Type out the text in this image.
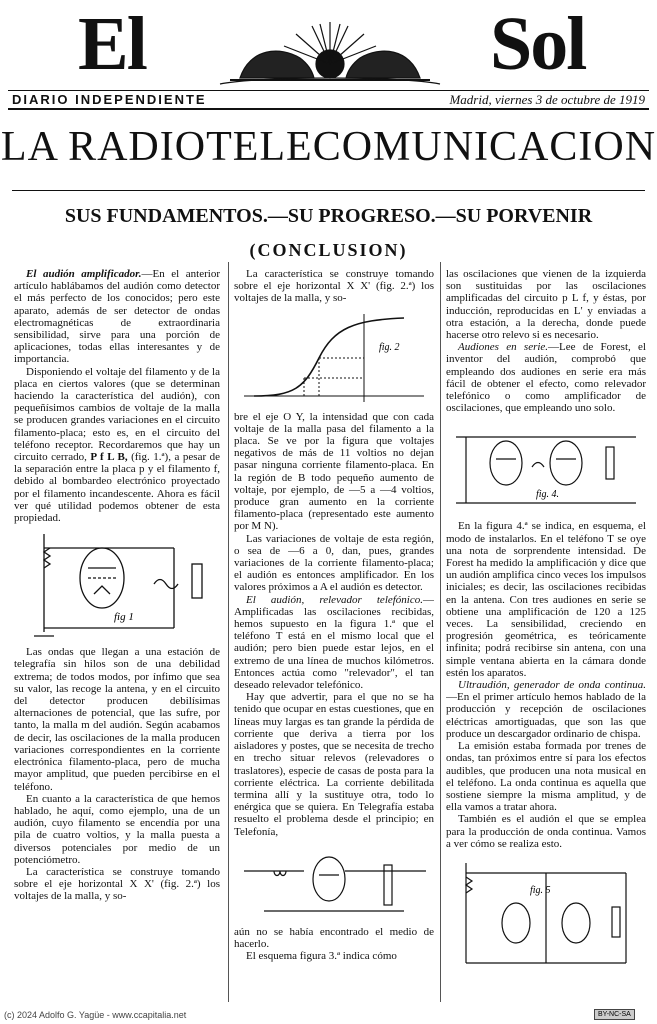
El	Sol
DIARIO INDEPENDIENTE	Madrid, viernes 3 de octubre de 1919
LA RADIOTELECOMUNICACION
SUS FUNDAMENTOS.—SU PROGRESO.—SU PORVENIR
(CONCLUSION)

El audión amplificador.—En el anterior artículo hablábamos del audión como detector el más perfecto de los conocidos; pero este aparato, además de ser detector de ondas electromagnéticas de extraordinaria sensibilidad, sirve para una porción de aplicaciones, todas ellas interesantes y de importancia.

Disponiendo el voltaje del filamento y de la placa en ciertos valores (que se determinan haciendo la característica del audión), con pequeñísimos cambios de voltaje de la malla se producen grandes variaciones en el circuito filamento-placa; esto es, en el circuito del teléfono receptor. Recordaremos que hay un circuito cerrado, P f L B, (fig. 1.ª), a pesar de la separación entre la placa p y el filamento f, debido al bombardeo electrónico proyectado por el filamento incandescente. Ahora es fácil ver qué utilidad podemos obtener de esta propiedad.

fig 1

Las ondas que llegan a una estación de telegrafía sin hilos son de una debilidad extrema; de todos modos, por ínfimo que sea su valor, las recoge la antena, y en el circuito del detector producen debilísimas alternaciones de potencial, que las sufre, por tanto, la malla m del audión. Según acabamos de decir, las oscilaciones de la malla producen variaciones correspondientes en la corriente electrónica filamento-placa, pero de mucha mayor amplitud, que pueden percibirse en el teléfono.

En cuanto a la característica de que hemos hablado, he aquí, como ejemplo, una de un audión, cuyo filamento se encendía por una pila de cuatro voltios, y la malla puesta a diversos potenciales por medio de un potenciómetro.

La característica se construye tomando sobre el eje horizontal X X' (fig. 2.ª) los voltajes de la malla, y so-

La característica se construye tomando sobre el eje horizontal X X' (fig. 2.ª) los voltajes de la malla, y so-

fig. 2

bre el eje O Y, la intensidad que con cada voltaje de la malla pasa del filamento a la placa. Se ve por la figura que voltajes negativos de más de 11 voltios no dejan pasar ninguna corriente filamento-placa. En la región de B todo pequeño aumento de voltaje, por ejemplo, de —5 a —4 voltios, produce gran aumento en la corriente filamento-placa (representado este aumento por M N).

Las variaciones de voltaje de esta región, o sea de —6 a 0, dan, pues, grandes variaciones de la corriente filamento-placa; el audión es entonces amplificador. En los valores próximos a A el audión es detector.

El audión, relevador telefónico.—Amplificadas las oscilaciones recibidas, hemos supuesto en la figura 1.ª que el teléfono T está en el mismo local que el audión; pero bien puede estar lejos, en el extremo de una línea de muchos kilómetros. Entonces actúa como "relevador", el tan deseado relevador telefónico.

Hay que advertir, para el que no se ha tenido que ocupar en estas cuestiones, que en líneas muy largas es tan grande la pérdida de corriente que deriva a tierra por los aisladores y postes, que se necesita de trecho en trecho situar relevos (relevadores o traslatores), especie de casas de posta para la corriente eléctrica. La corriente debilitada termina allí y la sustituye otra, todo lo enérgica que se quiera. En Telegrafía estaba resuelto el problema desde el principio; en Telefonía,

aún no se había encontrado el medio de hacerlo.

El esquema figura 3.ª indica cómo

las oscilaciones que vienen de la izquierda son sustituidas por las oscilaciones amplificadas del circuito p L f, y éstas, por inducción, reproducidas en L' y enviadas a otra estación, a la derecha, donde puede hacerse otro relevo si es necesario.

Audiones en serie.—Lee de Forest, el inventor del audión, comprobó que empleando dos audiones en serie era más fácil de obtener el efecto, como relevador telefónico o como amplificador de oscilaciones, que empleando uno solo.

fig. 4.

En la figura 4.ª se indica, en esquema, el modo de instalarlos. En el teléfono T se oye una nota de sorprendente intensidad. De Forest ha medido la amplificación y dice que un audión amplifica cinco veces los impulsos iniciales; es decir, las oscilaciones recibidas en la antena. Con tres audiones en serie se obtiene una amplificación de 120 a 125 veces. La sensibilidad, creciendo en progresión geométrica, es teóricamente infinita; podrá recibirse sin antena, con una simple ventana abierta en la cámara donde estén los aparatos.

Ultraudión, generador de onda continua.—En el primer artículo hemos hablado de la producción y recepción de oscilaciones eléctricas amortiguadas, que son las que produce un descargador ordinario de chispa.

La emisión estaba formada por trenes de ondas, tan próximos entre sí para los efectos audibles, que producen una nota musical en el teléfono. La onda continua es aquella que sostiene siempre la misma amplitud, y de ella vamos a tratar ahora.

También es el audión el que se emplea para la producción de onda continua. Vamos a ver cómo se realiza esto.

fig. 5
(c) 2024 Adolfo G. Yagüe - www.ccapitalia.net	BY-NC-SA
